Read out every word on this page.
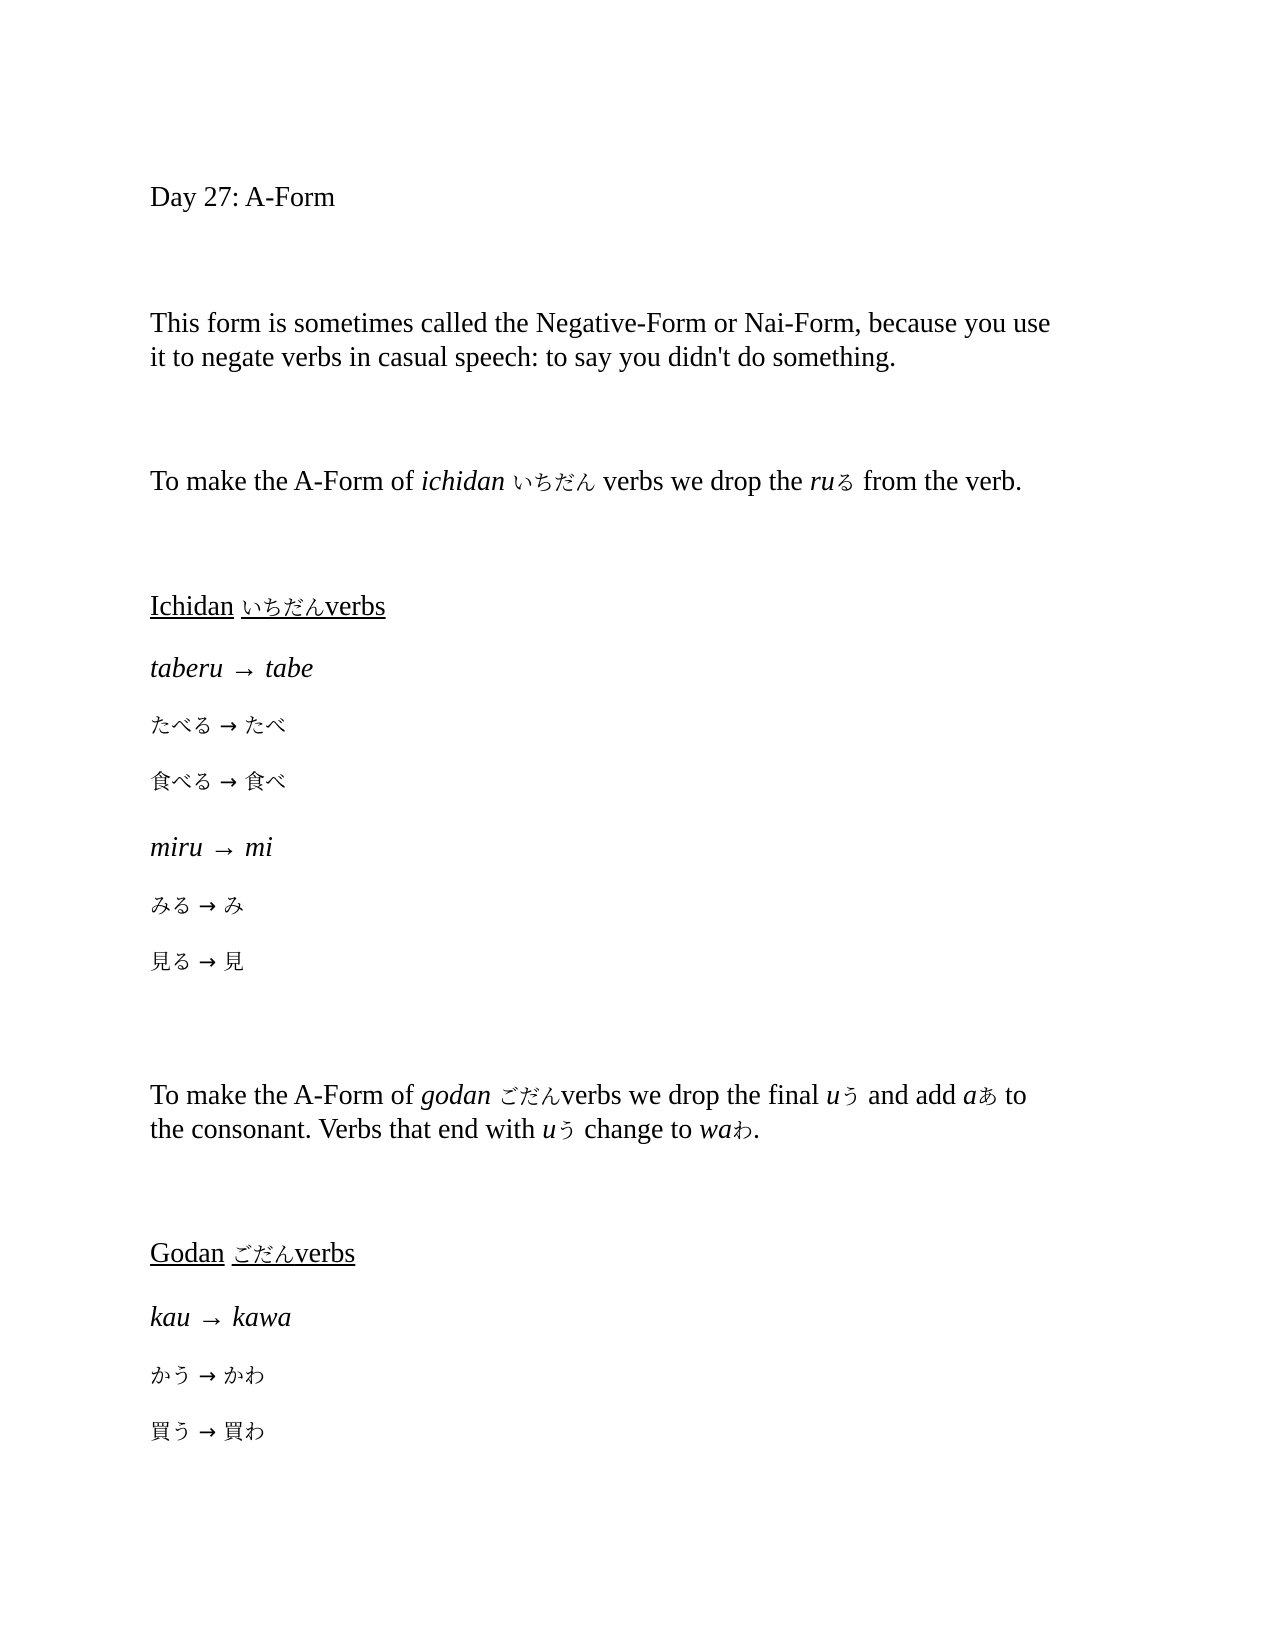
Day 27: A-Form
This form is sometimes called the Negative-Form or Nai-Form, because you use
it to negate verbs in casual speech: to say you didn't do something.
To make the A-Form of ichidan いちだん verbs we drop the ruる from the verb.
Ichidan いちだんverbs
taberu → tabe
たべる → たべ
食べる → 食べ
miru → mi
みる → み
見る → 見
To make the A-Form of godan ごだんverbs we drop the final uう and add aあ to
the consonant. Verbs that end with uう change to waわ.
Godan ごだんverbs
kau → kawa
かう → かわ
買う → 買わ
